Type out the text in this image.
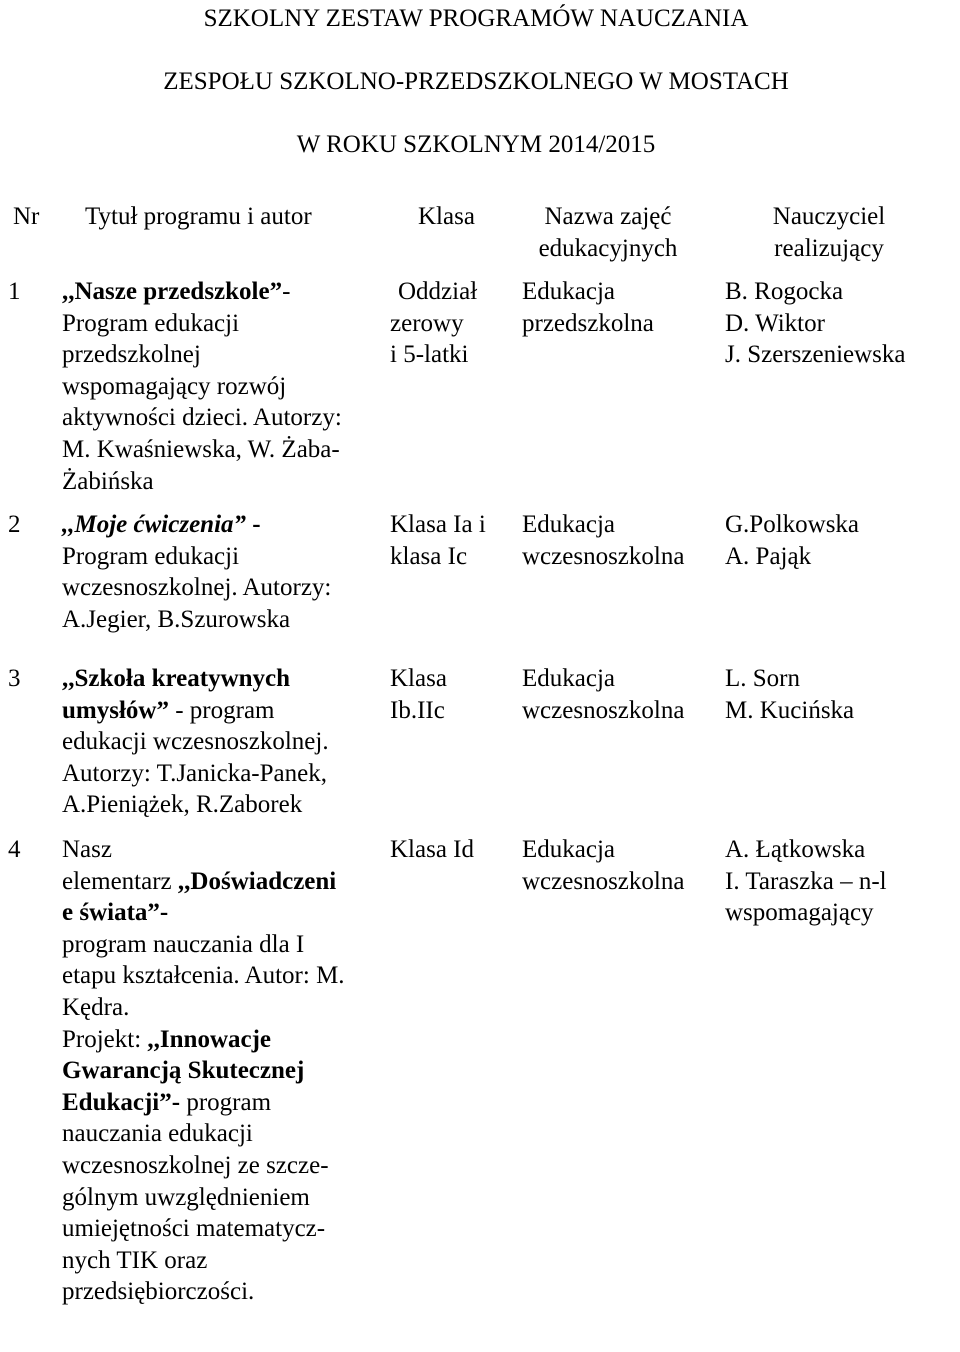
SZKOLNY ZESTAW PROGRAMÓW NAUCZANIA
ZESPOŁU SZKOLNO-PRZEDSZKOLNEGO W MOSTACH
W ROKU SZKOLNYM 2014/2015
Nr Tytuł programu i autor	Klasa	Nazwa zajęć
edukacyjnych
Nauczyciel
realizujący
1 ,,Nasze przedszkole”-
Program edukacji
przedszkolnej
wspomagający rozwój
aktywności dzieci. Autorzy:
M. Kwaśniewska, W. Żaba-
Żabińska
Oddział
zerowy
i 5-latki
Edukacja
przedszkolna
B. Rogocka
D. Wiktor
J. Szerszeniewska
2 ,,Moje ćwiczenia” -
Program edukacji
wczesnoszkolnej. Autorzy:
A.Jegier, B.Szurowska
Klasa Ia i
klasa Ic
Edukacja
wczesnoszkolna
G.Polkowska
A. Pająk
3 ,,Szkoła kreatywnych
umysłów” - program
edukacji wczesnoszkolnej.
Autorzy: T.Janicka-Panek,
A.Pieniążek, R.Zaborek
Klasa
Ib.IIc
Edukacja
wczesnoszkolna
L. Sorn
M. Kucińska
4 Nasz
elementarz ,,Doświadczeni
e świata”-
program nauczania dla I
etapu kształcenia. Autor: M.
Kędra.
Projekt: ,,Innowacje
Gwarancją Skutecznej
Edukacji”- program
nauczania edukacji
wczesnoszkolnej ze szcze-
gólnym uwzględnieniem
umiejętności matematycz-
nych TIK oraz
przedsiębiorczości.
Klasa Id Edukacja
wczesnoszkolna
A. Łątkowska
I. Taraszka – n-l
wspomagający
